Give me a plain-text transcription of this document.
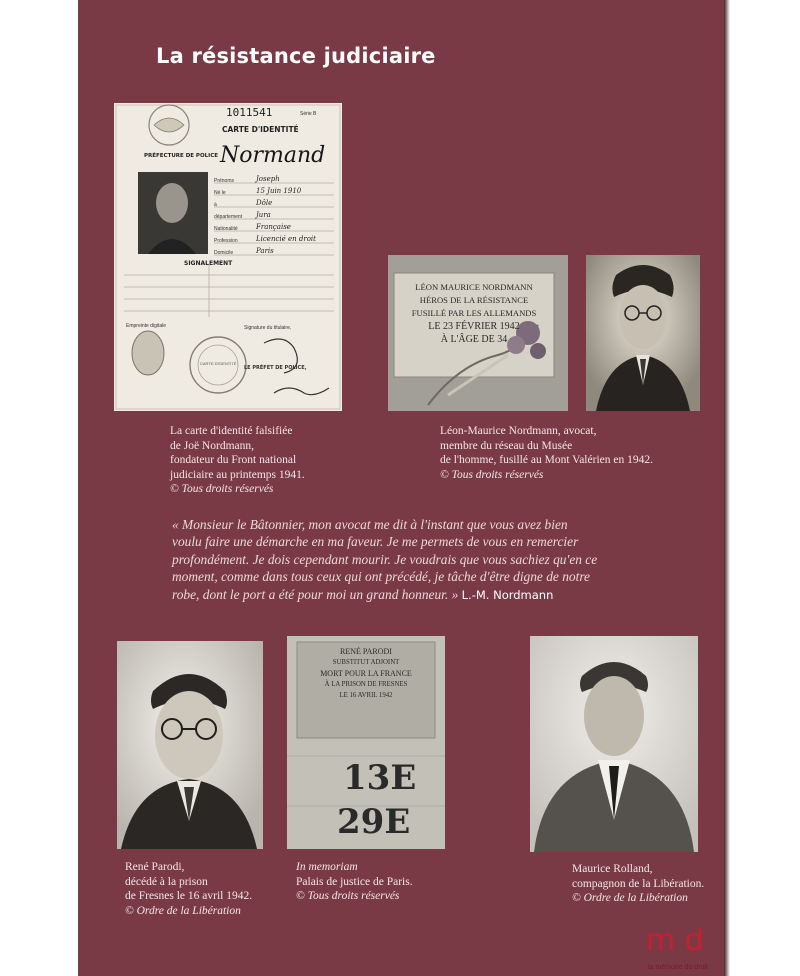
La résistance judiciaire
1011541	Série B
CARTE D'IDENTITÉ
PRÉFECTURE DE POLICE Normand
Prénoms
Né le
à
département
Nationalité
Profession
Domicile
Joseph
15 Juin 1910
Dôle
Jura
Française
Licencié en droit
Paris
SIGNALEMENT
Empreinte digitale	Signature du titulaire,
CARTE D'IDENTITÉ
LE PRÉFET DE POLICE,
LÉON MAURICE NORDMANN
HÉROS DE LA RÉSISTANCE
FUSILLÉ PAR LES ALLEMANDS
LE 23 FÉVRIER 1942
À L'ÂGE DE 34
La carte d'identité falsifiée
de Joë Nordmann,
fondateur du Front national
judiciaire au printemps 1941.
© Tous droits réservés
Léon-Maurice Nordmann, avocat,
membre du réseau du Musée
de l'homme, fusillé au Mont Valérien en 1942.
© Tous droits réservés
« Monsieur le Bâtonnier, mon avocat me dit à l'instant que vous avez bien
voulu faire une démarche en ma faveur. Je me permets de vous en remercier
profondément. Je dois cependant mourir. Je voudrais que vous sachiez qu'en ce
moment, comme dans tous ceux qui ont précédé, je tâche d'être digne de notre
robe, dont le port a été pour moi un grand honneur. » L.-M. Nordmann
RENÉ PARODI
SUBSTITUT ADJOINT
MORT POUR LA FRANCE
À LA PRISON DE FRESNES
LE 16 AVRIL 1942
13E
29E
René Parodi,
décédé à la prison
de Fresnes le 16 avril 1942.
© Ordre de la Libération
In memoriam
Palais de justice de Paris.
© Tous droits réservés
Maurice Rolland,
compagnon de la Libération.
© Ordre de la Libération
m d
la mémoire du droit
